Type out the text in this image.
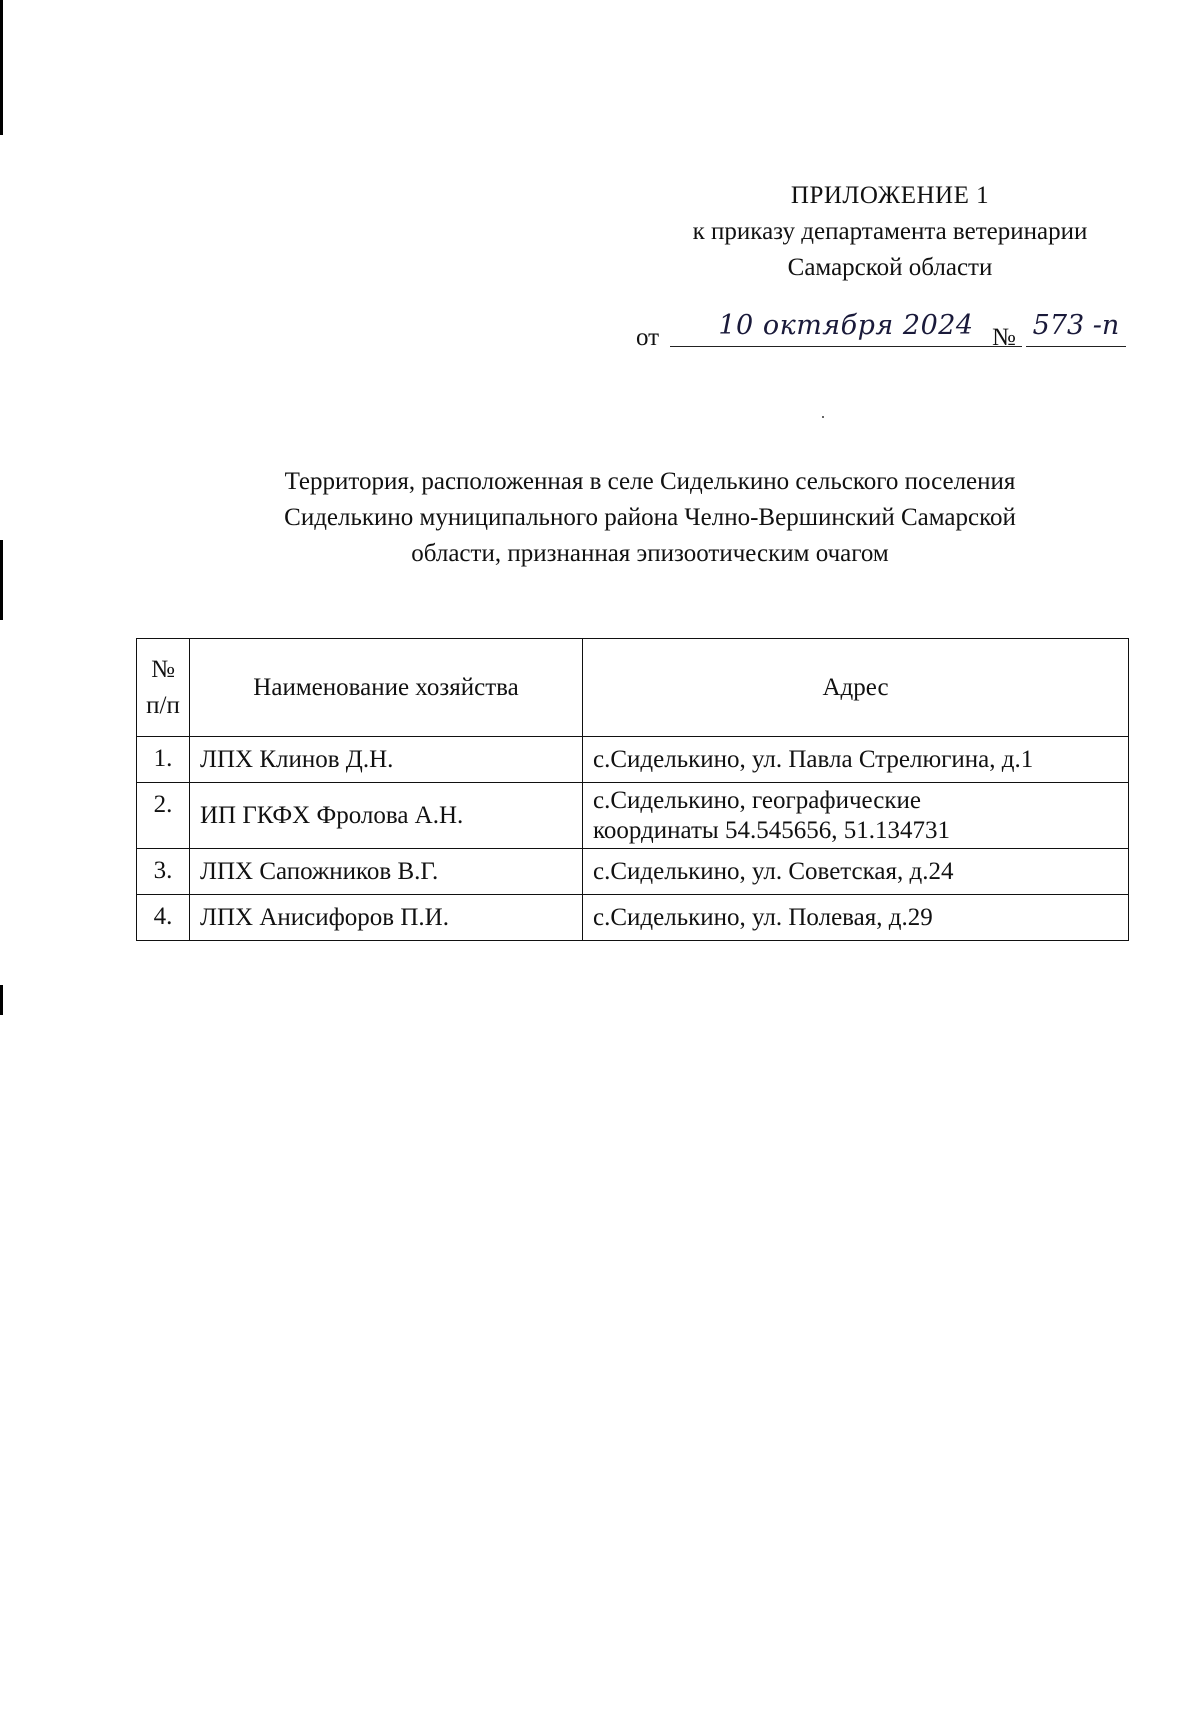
ПРИЛОЖЕНИЕ 1
к приказу департамента ветеринарии
Самарской области
от	10 октября 2024 № 573 -п
Территория, расположенная в селе Сиделькино сельского поселения
Сиделькино муниципального района Челно-Вершинский Самарской
области, признанная эпизоотическим очагом
№
п/п	Наименование хозяйства	Адрес
1.	ЛПХ Клинов Д.Н.	с.Сиделькино, ул. Павла Стрелюгина, д.1

2.	ИП ГКФХ Фролова А.Н.	с.Сиделькино, географические
координаты 54.545656, 51.134731

3.	ЛПХ Сапожников В.Г.	с.Сиделькино, ул. Советская, д.24

4.	ЛПХ Анисифоров П.И.	с.Сиделькино, ул. Полевая, д.29
